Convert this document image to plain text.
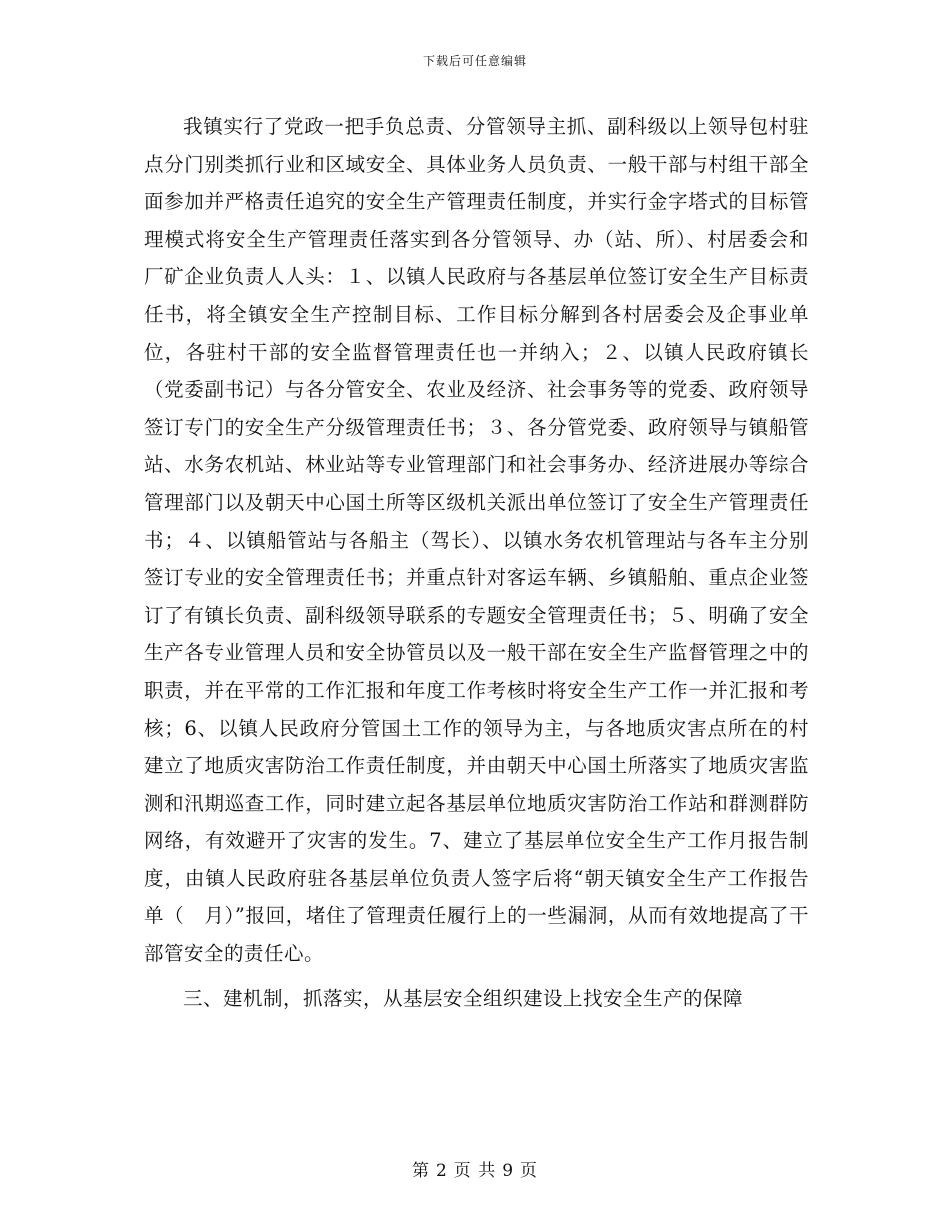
下载后可任意编辑

我镇实行了党政一把手负总责、分管领导主抓、副科级以上领导包村驻点分门别类抓行业和区域安全、具体业务人员负责、一般干部与村组干部全面参加并严格责任追究的安全生产管理责任制度，并实行金字塔式的目标管理模式将安全生产管理责任落实到各分管领导、办（站、所）、村居委会和厂矿企业负责人人头：１、以镇人民政府与各基层单位签订安全生产目标责任书，将全镇安全生产控制目标、工作目标分解到各村居委会及企事业单位，各驻村干部的安全监督管理责任也一并纳入；２、以镇人民政府镇长（党委副书记）与各分管安全、农业及经济、社会事务等的党委、政府领导签订专门的安全生产分级管理责任书；３、各分管党委、政府领导与镇船管站、水务农机站、林业站等专业管理部门和社会事务办、经济进展办等综合管理部门以及朝天中心国土所等区级机关派出单位签订了安全生产管理责任书；４、以镇船管站与各船主（驾长）、以镇水务农机管理站与各车主分别签订专业的安全管理责任书；并重点针对客运车辆、乡镇船舶、重点企业签订了有镇长负责、副科级领导联系的专题安全管理责任书；５、明确了安全生产各专业管理人员和安全协管员以及一般干部在安全生产监督管理之中的职责，并在平常的工作汇报和年度工作考核时将安全生产工作一并汇报和考核；6、以镇人民政府分管国土工作的领导为主，与各地质灾害点所在的村建立了地质灾害防治工作责任制度，并由朝天中心国土所落实了地质灾害监测和汛期巡查工作，同时建立起各基层单位地质灾害防治工作站和群测群防网络，有效避开了灾害的发生。7、建立了基层单位安全生产工作月报告制度，由镇人民政府驻各基层单位负责人签字后将“朝天镇安全生产工作报告单（　月）”报回，堵住了管理责任履行上的一些漏洞，从而有效地提高了干部管安全的责任心。

三、建机制，抓落实，从基层安全组织建设上找安全生产的保障

第 2 页 共 9 页
